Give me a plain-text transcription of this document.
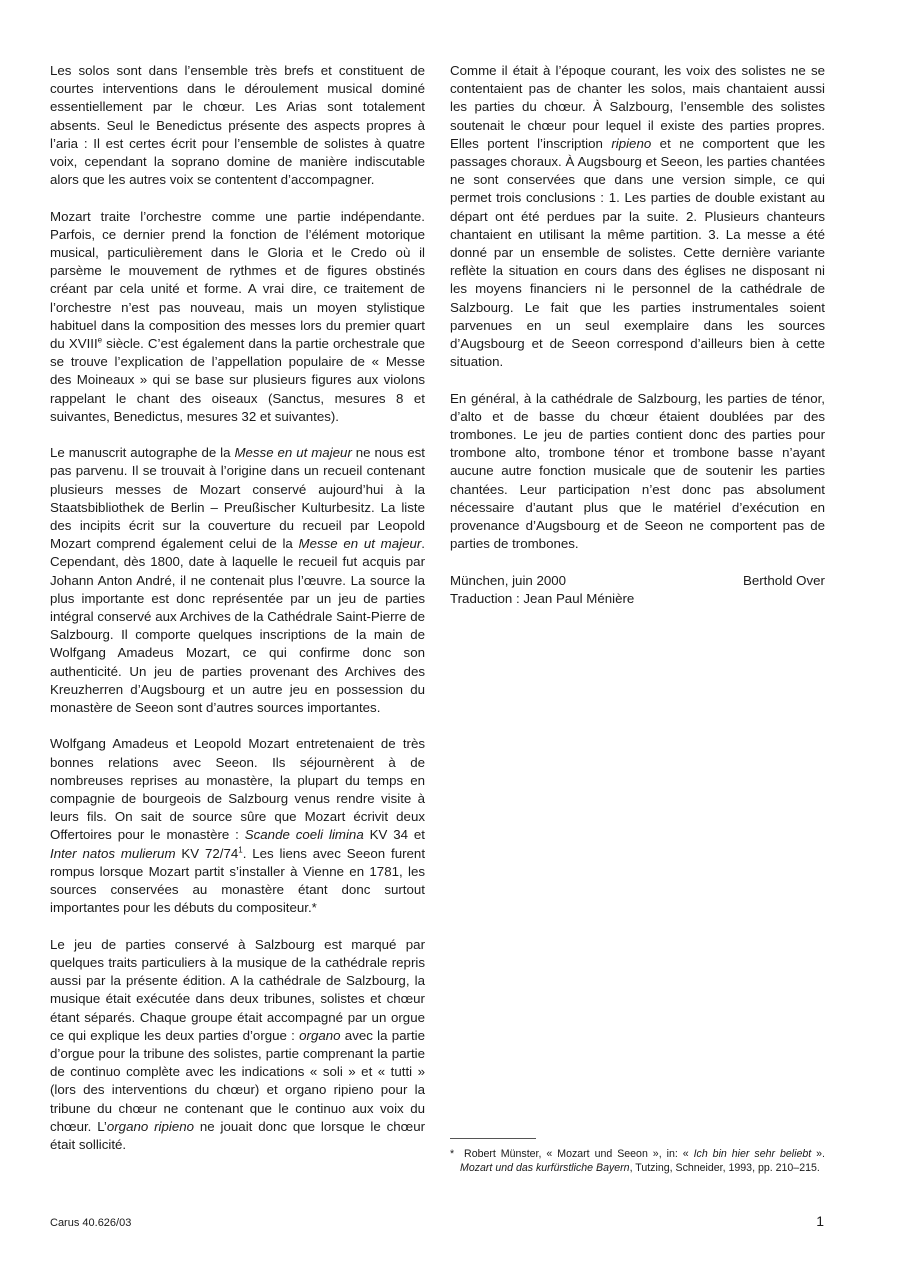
Les solos sont dans l’ensemble très brefs et constituent de courtes interventions dans le déroulement musical dominé essentiellement par le chœur. Les Arias sont totalement absents. Seul le Benedictus présente des aspects propres à l’aria : Il est certes écrit pour l’ensemble de solistes à quatre voix, cependant la soprano domine de manière indiscutable alors que les autres voix se contentent d’accompagner.

Mozart traite l’orchestre comme une partie indépendante. Parfois, ce dernier prend la fonction de l’élément motorique musical, particulièrement dans le Gloria et le Credo où il parsème le mouvement de rythmes et de figures obstinés créant par cela unité et forme. A vrai dire, ce traitement de l’orchestre n’est pas nouveau, mais un moyen stylistique habituel dans la composition des messes lors du premier quart du XVIIIe siècle. C’est également dans la partie orchestrale que se trouve l’explication de l’appellation populaire de « Messe des Moineaux » qui se base sur plusieurs figures aux violons rappelant le chant des oiseaux (Sanctus, mesures 8 et suivantes, Benedictus, mesures 32 et suivantes).

Le manuscrit autographe de la Messe en ut majeur ne nous est pas parvenu. Il se trouvait à l’origine dans un recueil contenant plusieurs messes de Mozart conservé aujourd’hui à la Staatsbibliothek de Berlin – Preußischer Kulturbesitz. La liste des incipits écrit sur la couverture du recueil par Leopold Mozart comprend également celui de la Messe en ut majeur. Cependant, dès 1800, date à laquelle le recueil fut acquis par Johann Anton André, il ne contenait plus l’œuvre. La source la plus importante est donc représentée par un jeu de parties intégral conservé aux Archives de la Cathédrale Saint-Pierre de Salzbourg. Il comporte quelques inscriptions de la main de Wolfgang Amadeus Mozart, ce qui confirme donc son authenticité. Un jeu de parties provenant des Archives des Kreuzherren d’Augsbourg et un autre jeu en possession du monastère de Seeon sont d’autres sources importantes.

Wolfgang Amadeus et Leopold Mozart entretenaient de très bonnes relations avec Seeon. Ils séjournèrent à de nombreuses reprises au monastère, la plupart du temps en compagnie de bourgeois de Salzbourg venus rendre visite à leurs fils. On sait de source sûre que Mozart écrivit deux Offertoires pour le monastère : Scande coeli limina KV 34 et Inter natos mulierum KV $72/74^1$. Les liens avec Seeon furent rompus lorsque Mozart partit s’installer à Vienne en 1781, les sources conservées au monastère étant donc surtout importantes pour les débuts du compositeur.*

Le jeu de parties conservé à Salzbourg est marqué par quelques traits particuliers à la musique de la cathédrale repris aussi par la présente édition. A la cathédrale de Salzbourg, la musique était exécutée dans deux tribunes, solistes et chœur étant séparés. Chaque groupe était accompagné par un orgue ce qui explique les deux parties d’orgue : organo avec la partie d’orgue pour la tribune des solistes, partie comprenant la partie de continuo complète avec les indications « soli » et « tutti » (lors des interventions du chœur) et organo ripieno pour la tribune du chœur ne contenant que le continuo aux voix du chœur. L’organo ripieno ne jouait donc que lorsque le chœur était sollicité.

Comme il était à l’époque courant, les voix des solistes ne se contentaient pas de chanter les solos, mais chantaient aussi les parties du chœur. À Salzbourg, l’ensemble des solistes soutenait le chœur pour lequel il existe des parties propres. Elles portent l’inscription ripieno et ne comportent que les passages choraux. À Augsbourg et Seeon, les parties chantées ne sont conservées que dans une version simple, ce qui permet trois conclusions : 1. Les parties de double existant au départ ont été perdues par la suite. 2. Plusieurs chanteurs chantaient en utilisant la même partition. 3. La messe a été donné par un ensemble de solistes. Cette dernière variante reflète la situation en cours dans des églises ne disposant ni les moyens financiers ni le personnel de la cathédrale de Salzbourg. Le fait que les parties instrumentales soient parvenues en un seul exemplaire dans les sources d’Augsbourg et de Seeon correspond d’ailleurs bien à cette situation.

En général, à la cathédrale de Salzbourg, les parties de ténor, d’alto et de basse du chœur étaient doublées par des trombones. Le jeu de parties contient donc des parties pour trombone alto, trombone ténor et trombone basse n’ayant aucune autre fonction musicale que de soutenir les parties chantées. Leur participation n’est donc pas absolument nécessaire d’autant plus que le matériel d’exécution en provenance d’Augsbourg et de Seeon ne comportent pas de parties de trombones.

München, juin 2000	Berthold Over
Traduction : Jean Paul Ménière
* Robert Münster, « Mozart und Seeon », in: « Ich bin hier sehr beliebt ». Mozart und das kurfürstliche Bayern, Tutzing, Schneider, 1993, pp. 210–215.
Carus 40.626/03	1
